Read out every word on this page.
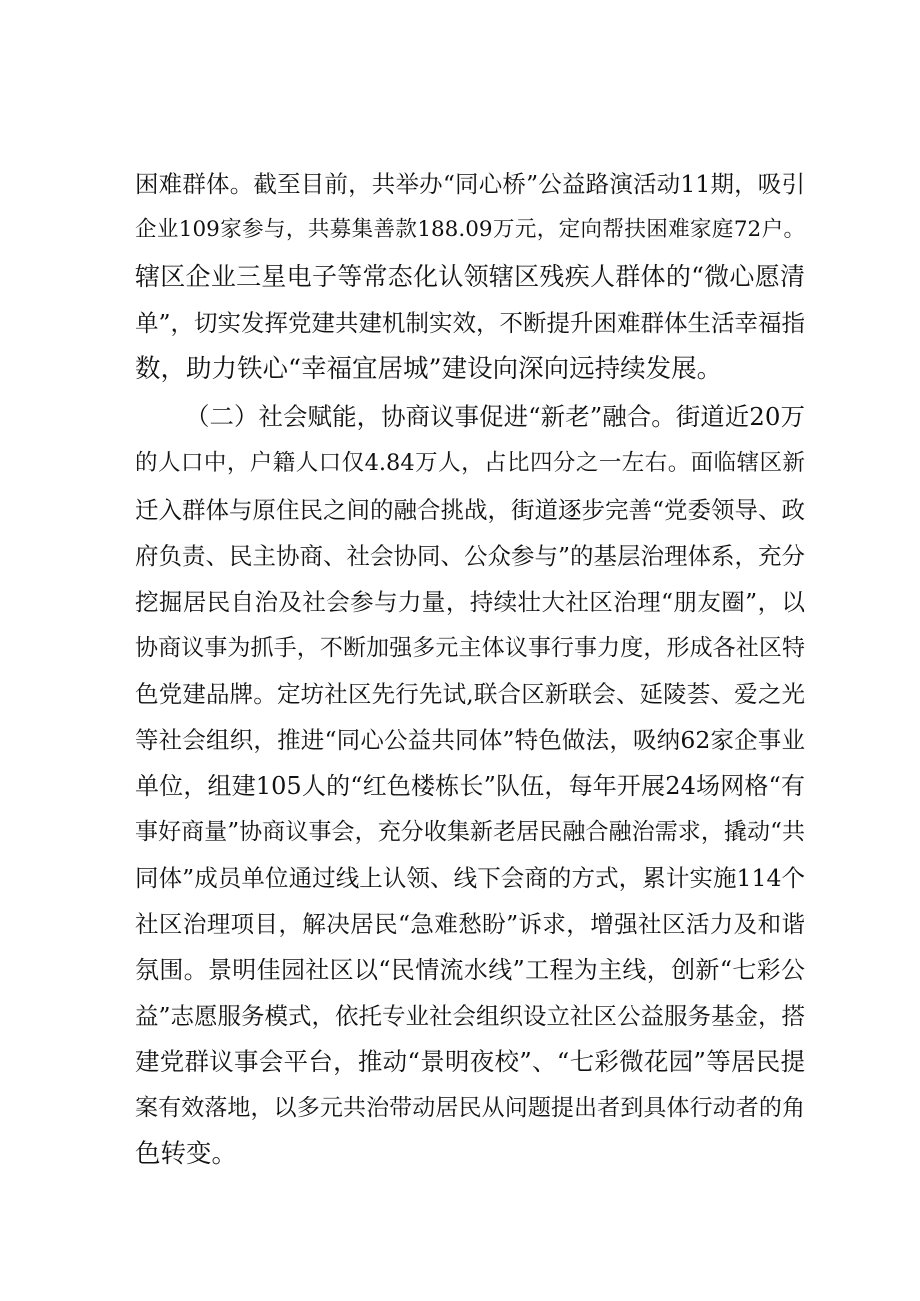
困难群体。截至目前，共举办“同心桥”公益路演活动11期，吸引
企业109家参与，共募集善款188.09万元，定向帮扶困难家庭72户。
辖区企业三星电子等常态化认领辖区残疾人群体的“微心愿清
单”，切实发挥党建共建机制实效，不断提升困难群体生活幸福指
数，助力铁心“幸福宜居城”建设向深向远持续发展。
（二）社会赋能，协商议事促进“新老”融合。街道近20万
的人口中，户籍人口仅4.84万人，占比四分之一左右。面临辖区新
迁入群体与原住民之间的融合挑战，街道逐步完善“党委领导、政
府负责、民主协商、社会协同、公众参与”的基层治理体系，充分
挖掘居民自治及社会参与力量，持续壮大社区治理“朋友圈”，以
协商议事为抓手，不断加强多元主体议事行事力度，形成各社区特
色党建品牌。定坊社区先行先试,联合区新联会、延陵荟、爱之光
等社会组织，推进“同心公益共同体”特色做法，吸纳62家企事业
单位，组建105人的“红色楼栋长”队伍，每年开展24场网格“有
事好商量”协商议事会，充分收集新老居民融合融治需求，撬动“共
同体”成员单位通过线上认领、线下会商的方式，累计实施114个
社区治理项目，解决居民“急难愁盼”诉求，增强社区活力及和谐
氛围。景明佳园社区以“民情流水线”工程为主线，创新“七彩公
益”志愿服务模式，依托专业社会组织设立社区公益服务基金，搭
建党群议事会平台，推动“景明夜校”、“七彩微花园”等居民提
案有效落地，以多元共治带动居民从问题提出者到具体行动者的角
色转变。
